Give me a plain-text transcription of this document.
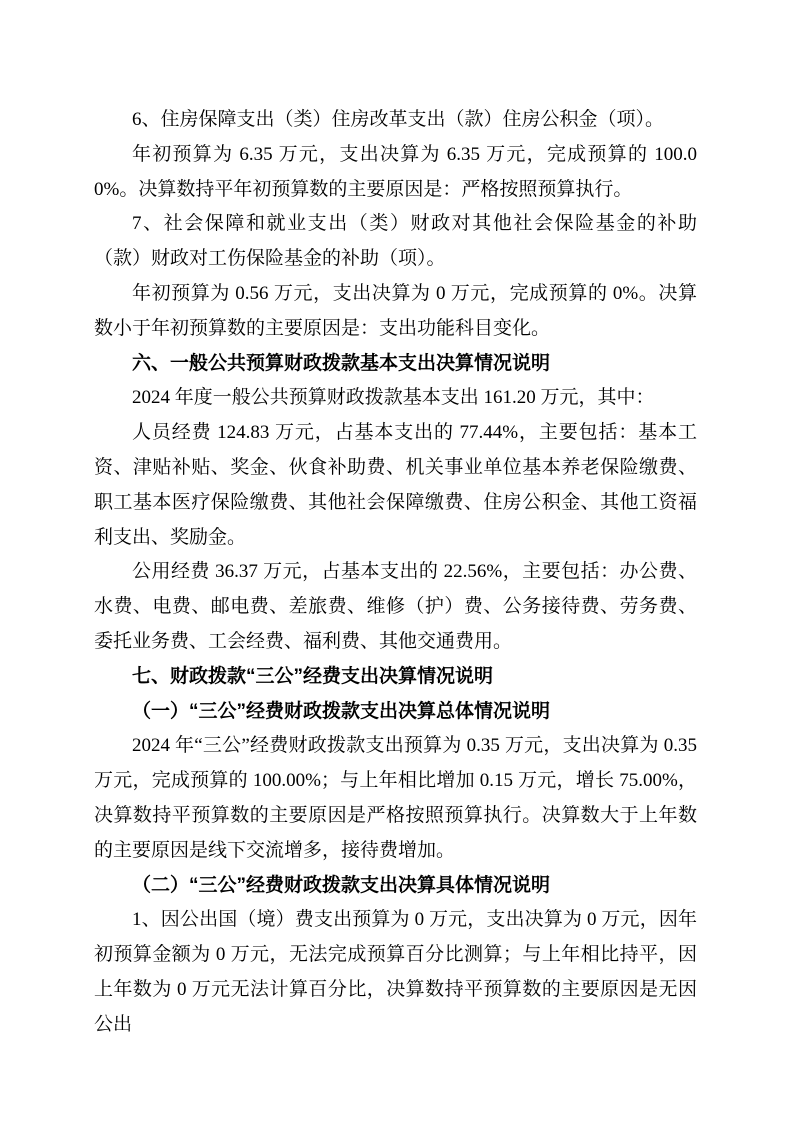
6、住房保障支出（类）住房改革支出（款）住房公积金（项）。

年初预算为 6.35 万元，支出决算为 6.35 万元，完成预算的 100.00%。决算数持平年初预算数的主要原因是：严格按照预算执行。

7、社会保障和就业支出（类）财政对其他社会保险基金的补助（款）财政对工伤保险基金的补助（项）。

年初预算为 0.56 万元，支出决算为 0 万元，完成预算的 0%。决算数小于年初预算数的主要原因是：支出功能科目变化。

六、一般公共预算财政拨款基本支出决算情况说明

2024 年度一般公共预算财政拨款基本支出 161.20 万元，其中：

人员经费 124.83 万元，占基本支出的 77.44%，主要包括：基本工资、津贴补贴、奖金、伙食补助费、机关事业单位基本养老保险缴费、职工基本医疗保险缴费、其他社会保障缴费、住房公积金、其他工资福利支出、奖励金。

公用经费 36.37 万元，占基本支出的 22.56%，主要包括：办公费、水费、电费、邮电费、差旅费、维修（护）费、公务接待费、劳务费、委托业务费、工会经费、福利费、其他交通费用。

七、财政拨款“三公”经费支出决算情况说明

（一）“三公”经费财政拨款支出决算总体情况说明

2024 年“三公”经费财政拨款支出预算为 0.35 万元，支出决算为 0.35 万元，完成预算的 100.00%；与上年相比增加 0.15 万元，增长 75.00%，决算数持平预算数的主要原因是严格按照预算执行。决算数大于上年数的主要原因是线下交流增多，接待费增加。

（二）“三公”经费财政拨款支出决算具体情况说明

1、因公出国（境）费支出预算为 0 万元，支出决算为 0 万元，因年初预算金额为 0 万元，无法完成预算百分比测算；与上年相比持平，因上年数为 0 万元无法计算百分比，决算数持平预算数的主要原因是无因公出
